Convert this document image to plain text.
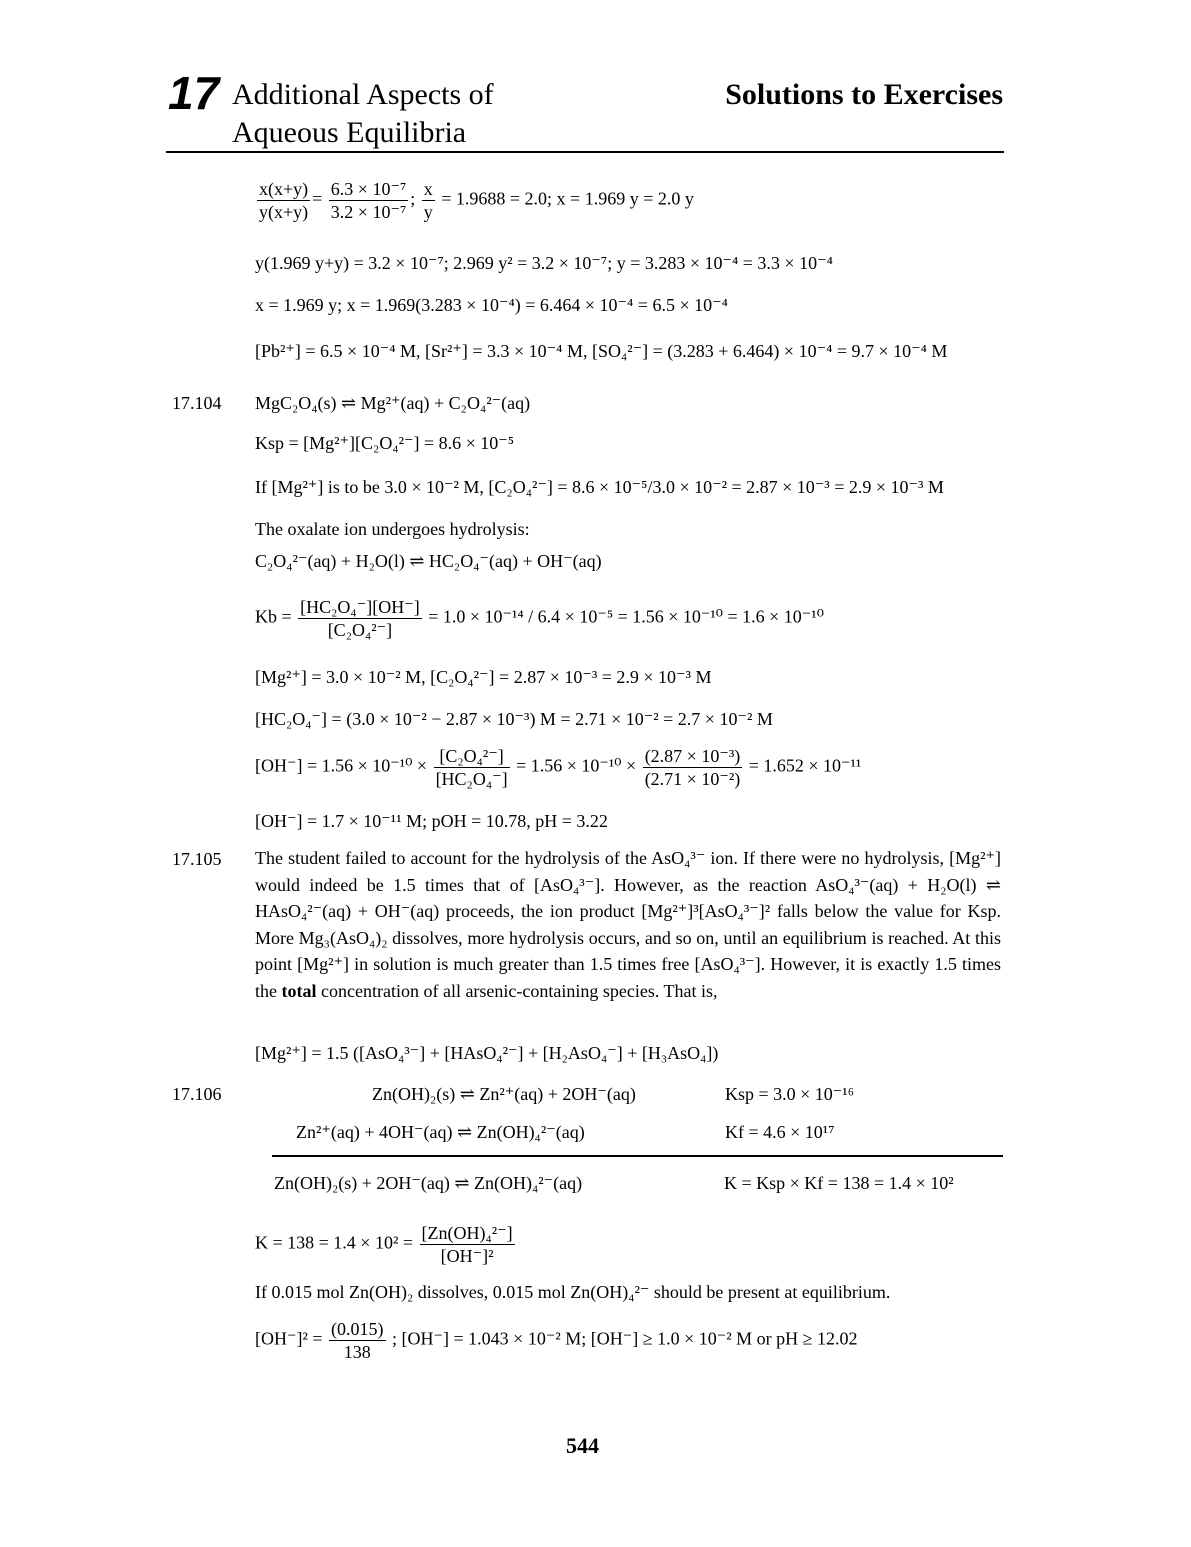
17 Additional Aspects of
Aqueous Equilibria
Solutions to Exercises
$\frac{x(x+y)}{y(x+y)} = \frac{\text{6.3 × 10⁻⁷}}{\text{3.2 × 10⁻⁷}}$ ; $\frac{x}{y} = 1.9688 = 2.0$; x = 1.969 y = 2.0 y
y(1.969 y+y) = 3.2 × 10⁻⁷; 2.969 y² = 3.2 × 10⁻⁷; y = 3.283 × 10⁻⁴ = 3.3 × 10⁻⁴
x = 1.969 y; x = 1.969(3.283 × 10⁻⁴) = 6.464 × 10⁻⁴ = 6.5 × 10⁻⁴
[Pb²⁺] = 6.5 × 10⁻⁴ M, [Sr²⁺] = 3.3 × 10⁻⁴ M, [SO₄²⁻] = (3.283 + 6.464) × 10⁻⁴ = 9.7 × 10⁻⁴ M
17.104 MgC₂O₄(s) ⇌ Mg²⁺(aq) + C₂O₄²⁻(aq)
Ksp = [Mg²⁺][C₂O₄²⁻] = 8.6 × 10⁻⁵
If [Mg²⁺] is to be 3.0 × 10⁻² M, [C₂O₄²⁻] = 8.6 × 10⁻⁵/3.0 × 10⁻² = 2.87 × 10⁻³ = 2.9 × 10⁻³ M
The oxalate ion undergoes hydrolysis:
C₂O₄²⁻(aq) + H₂O(l) ⇌ HC₂O₄⁻(aq) + OH⁻(aq)
$Kb = \frac{\text{[HC₂O₄⁻][OH⁻]}}{\text{[C₂O₄²⁻]}} = 1.0 \times 10^{-14} / 6.4 \times 10^{-5} = 1.56 \times 10^{-10} = 1.6 \times 10^{-10}$
[Mg²⁺] = 3.0 × 10⁻² M, [C₂O₄²⁻] = 2.87 × 10⁻³ = 2.9 × 10⁻³ M
[HC₂O₄⁻] = (3.0 × 10⁻² − 2.87 × 10⁻³) M = 2.71 × 10⁻² = 2.7 × 10⁻² M
$[OH^-] = 1.56 \times 10^{-10} \times \frac{\text{[C₂O₄²⁻]}}{\text{[HC₂O₄⁻]}} = 1.56 \times 10^{-10} \times \frac{\text{(2.87 × 10⁻³)}}{\text{(2.71 × 10⁻²)}} = 1.652 \times 10^{-11}$
[OH⁻] = 1.7 × 10⁻¹¹ M; pOH = 10.78, pH = 3.22
17.105 The student failed to account for the hydrolysis of the AsO₄³⁻ ion. If there were no hydrolysis, [Mg²⁺] would indeed be 1.5 times that of [AsO₄³⁻]. However, as the reaction AsO₄³⁻(aq) + H₂O(l) ⇌ HAsO₄²⁻(aq) + OH⁻(aq) proceeds, the ion product [Mg²⁺]³[AsO₄³⁻]² falls below the value for Ksp. More Mg₃(AsO₄)₂ dissolves, more hydrolysis occurs, and so on, until an equilibrium is reached. At this point [Mg²⁺] in solution is much greater than 1.5 times free [AsO₄³⁻]. However, it is exactly 1.5 times the total concentration of all arsenic-containing species. That is,
[Mg²⁺] = 1.5 ([AsO₄³⁻] + [HAsO₄²⁻] + [H₂AsO₄⁻] + [H₃AsO₄])
17.106	Zn(OH)₂(s) ⇌ Zn²⁺(aq) + 2OH⁻(aq)	Ksp = 3.0 × 10⁻¹⁶
Zn²⁺(aq) + 4OH⁻(aq) ⇌ Zn(OH)₄²⁻(aq)	Kf = 4.6 × 10¹⁷
Zn(OH)₂(s) + 2OH⁻(aq) ⇌ Zn(OH)₄²⁻(aq)	K = Ksp × Kf = 138 = 1.4 × 10²
$K = 138 = 1.4 \times 10^2 = \frac{\text{[Zn(OH)₄²⁻]}}{\text{[OH⁻]²}}$
If 0.015 mol Zn(OH)₂ dissolves, 0.015 mol Zn(OH)₄²⁻ should be present at equilibrium.
$[OH^-]^2 = \frac{(0.015)}{138}$ ; [OH⁻] = 1.043 × 10⁻² M; [OH⁻] ≥ 1.0 × 10⁻² M or pH ≥ 12.02
544
